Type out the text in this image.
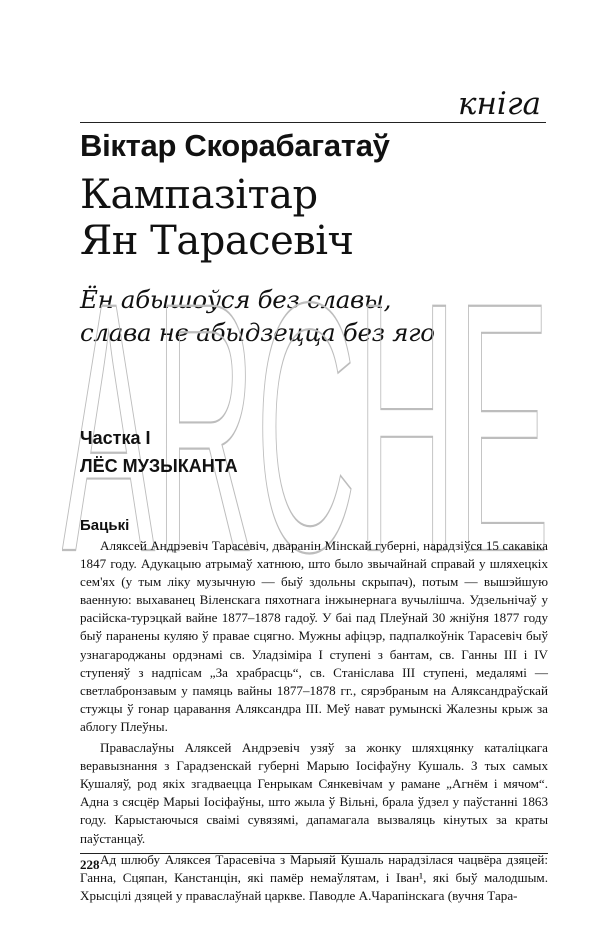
кніга
Віктар Скорабагатаў
Кампазітар
Ян Тарасевіч
Ён абышоўся без славы,
слава не абыдзецца без яго
ARCHE
Частка I
ЛЁС МУЗЫКАНТА
Бацькі

Аляксей Андрэевіч Тарасевіч, дваранін Мінскай губерні, нарадзіўся 15 сакавіка 1847 году. Адукацыю атрымаў хатнюю, што было звычайнай справай у шляхецкіх сем'ях (у тым ліку музычную — быў здольны скрыпач), потым — вышэйшую ваенную: выхаванец Віленскага пяхотнага інжынернага вучылішча. Удзельнічаў у расійска-турэцкай вайне 1877–1878 гадоў. У баі пад Плеўнай 30 жніўня 1877 году быў паранены куляю ў правае сцягно. Мужны афіцэр, падпалкоўнік Тарасевіч быў узнагароджаны ордэнамі св. Уладзіміра I ступені з бантам, св. Ганны III і IV ступеняў з надпісам „За храбрасць“, св. Станіслава III ступені, медалямі — светлабронзавым у памяць вайны 1877–1878 гг., сярэбраным на Аляксандраўскай стужцы ў гонар царавання Аляксандра III. Меў нават румынскі Жалезны крыж за аблогу Плеўны.

Праваслаўны Аляксей Андрэевіч узяў за жонку шляхцянку каталіцкага веравызнання з Гарадзенскай губерні Марыю Іосіфаўну Кушаль. З тых самых Кушаляў, род якіх згадваецца Генрыкам Сянкевічам у рамане „Агнём і мячом“. Адна з сясцёр Марыі Іосіфаўны, што жыла ў Вільні, брала ўдзел у паўстанні 1863 году. Карыстаючыся сваімі сувязямі, дапамагала вызваляць кінутых за краты паўстанцаў.

Ад шлюбу Аляксея Тарасевіча з Марыяй Кушаль нарадзілася чацвёра дзяцей: Ганна, Сцяпан, Канстанцін, які памёр немаўлятам, і Іван¹, які быў малодшым. Хрысцілі дзяцей у праваслаўнай царкве. Паводле А.Чарапінскага (вучня Тара-

228
